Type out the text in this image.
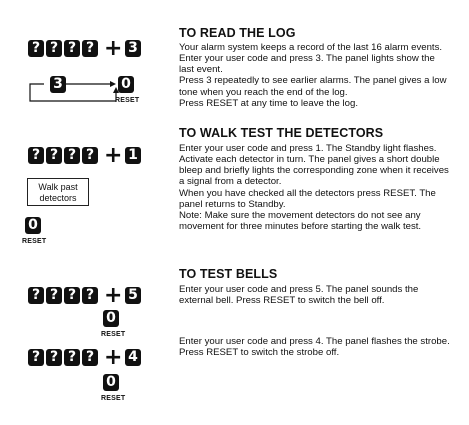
? ? ? ? + 3
3	0
RESET
TO READ THE LOG

Your alarm system keeps a record of the last 16 alarm events.
Enter your user code and press 3. The panel lights show the last event.
Press 3 repeatedly to see earlier alarms. The panel gives a low tone when you reach the end of the log.
Press RESET at any time to leave the log.

? ? ? ? + 1
Walk past
detectors
0
RESET
TO WALK TEST THE DETECTORS

Enter your user code and press 1. The Standby light flashes.
Activate each detector in turn. The panel gives a short double bleep and briefly lights the corresponding zone when it receives a signal from a detector.
When you have checked all the detectors press RESET. The panel returns to Standby.
Note: Make sure the movement detectors do not see any movement for three minutes before starting the walk test.

? ? ? ? + 5
0
RESET
TO TEST BELLS

Enter your user code and press 5. The panel sounds the external bell. Press RESET to switch the bell off.

? ? ? ? + 4
0
RESET

Enter your user code and press 4. The panel flashes the strobe. Press RESET to switch the strobe off.
